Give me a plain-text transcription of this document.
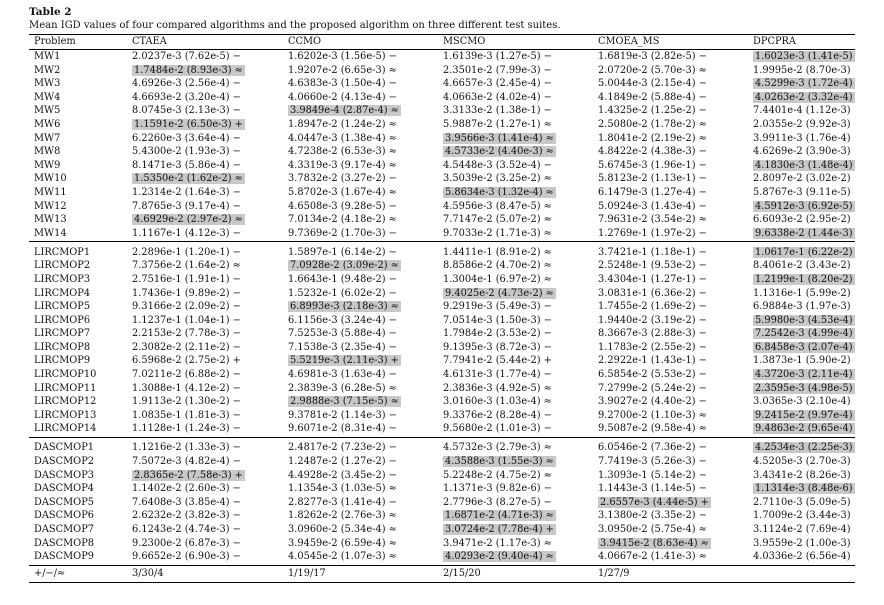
Table 2
Mean IGD values of four compared algorithms and the proposed algorithm on three different test suites.
Problem	CTAEA	CCMO	MSCMO	CMOEA_MS	DPCPRA
MW1	2.0237e-3 (7.62e-5) −	1.6202e-3 (1.56e-5) −	1.6139e-3 (1.27e-5) −	1.6819e-3 (2.82e-5) −	1.6023e-3 (1.41e-5)
MW2	1.7484e-2 (8.93e-3) ≈	1.9207e-2 (6.65e-3) ≈	2.3501e-2 (7.99e-3) −	2.0720e-2 (5.70e-3) ≈	1.9995e-2 (8.70e-3)
MW3	4.6926e-3 (2.56e-4) −	4.6383e-3 (1.50e-4) −	4.6657e-3 (2.45e-4) −	5.0044e-3 (2.15e-4) −	4.5299e-3 (1.72e-4)
MW4	4.6693e-2 (3.20e-4) −	4.0660e-2 (4.13e-4) −	4.0663e-2 (4.02e-4) −	4.1849e-2 (5.88e-4) −	4.0263e-2 (3.32e-4)
MW5	8.0745e-3 (2.13e-3) −	3.9849e-4 (2.87e-4) ≈	3.3133e-2 (1.38e-1) −	1.4325e-2 (1.25e-2) −	7.4401e-4 (1.12e-3)
MW6	1.1591e-2 (6.50e-3) +	1.8947e-2 (1.24e-2) ≈	5.9887e-2 (1.27e-1) ≈	2.5080e-2 (1.78e-2) ≈	2.0355e-2 (9.92e-3)
MW7	6.2260e-3 (3.64e-4) −	4.0447e-3 (1.38e-4) ≈	3.9566e-3 (1.41e-4) ≈	1.8041e-2 (2.19e-2) ≈	3.9911e-3 (1.76e-4)
MW8	5.4300e-2 (1.93e-3) −	4.7238e-2 (6.53e-3) ≈	4.5733e-2 (4.40e-3) ≈	4.8422e-2 (4.38e-3) −	4.6269e-2 (3.90e-3)
MW9	8.1471e-3 (5.86e-4) −	4.3319e-3 (9.17e-4) ≈	4.5448e-3 (3.52e-4) −	5.6745e-3 (1.96e-1) −	4.1830e-3 (1.48e-4)
MW10	1.5350e-2 (1.62e-2) ≈	3.7832e-2 (3.27e-2) −	3.5039e-2 (3.25e-2) ≈	5.8123e-2 (1.13e-1) −	2.8097e-2 (3.02e-2)
MW11	1.2314e-2 (1.64e-3) −	5.8702e-3 (1.67e-4) ≈	5.8634e-3 (1.32e-4) ≈	6.1479e-3 (1.27e-4) −	5.8767e-3 (9.11e-5)
MW12	7.8765e-3 (9.17e-4) −	4.6508e-3 (9.28e-5) −	4.5956e-3 (8.47e-5) ≈	5.0924e-3 (1.43e-4) −	4.5912e-3 (6.92e-5)
MW13	4.6929e-2 (2.97e-2) ≈	7.0134e-2 (4.18e-2) ≈	7.7147e-2 (5.07e-2) ≈	7.9631e-2 (3.54e-2) ≈	6.6093e-2 (2.95e-2)
MW14	1.1167e-1 (4.12e-3) −	9.7369e-2 (1.70e-3) −	9.7033e-2 (1.71e-3) ≈	1.2769e-1 (1.97e-2) −	9.6338e-2 (1.44e-3)
LIRCMOP1	2.2896e-1 (1.20e-1) −	1.5897e-1 (6.14e-2) −	1.4411e-1 (8.91e-2) ≈	3.7421e-1 (1.18e-1) −	1.0617e-1 (6.22e-2)
LIRCMOP2	7.3756e-2 (1.64e-2) ≈	7.0928e-2 (3.09e-2) ≈	8.8586e-2 (4.70e-2) ≈	2.5248e-1 (9.53e-2) −	8.4061e-2 (3.43e-2)
LIRCMOP3	2.7516e-1 (1.91e-1) −	1.6643e-1 (9.48e-2) −	1.3004e-1 (6.97e-2) ≈	3.4304e-1 (1.27e-1) −	1.2199e-1 (8.20e-2)
LIRCMOP4	1.7436e-1 (9.89e-2) −	1.5232e-1 (6.02e-2) −	9.4025e-2 (4.73e-2) ≈	3.0831e-1 (6.36e-2) −	1.1316e-1 (5.99e-2)
LIRCMOP5	9.3166e-2 (2.09e-2) −	6.8993e-3 (2.18e-3) ≈	9.2919e-3 (5.49e-3) −	1.7455e-2 (1.69e-2) −	6.9884e-3 (1.97e-3)
LIRCMOP6	1.1237e-1 (1.04e-1) −	6.1156e-3 (3.24e-4) −	7.0514e-3 (1.50e-3) −	1.9440e-2 (3.19e-2) −	5.9980e-3 (4.53e-4)
LIRCMOP7	2.2153e-2 (7.78e-3) −	7.5253e-3 (5.88e-4) −	1.7984e-2 (3.53e-2) −	8.3667e-3 (2.88e-3) −	7.2542e-3 (4.99e-4)
LIRCMOP8	2.3082e-2 (2.11e-2) −	7.1538e-3 (2.35e-4) −	9.1395e-3 (8.72e-3) −	1.1783e-2 (2.55e-2) −	6.8458e-3 (2.07e-4)
LIRCMOP9	6.5968e-2 (2.75e-2) +	5.5219e-3 (2.11e-3) +	7.7941e-2 (5.44e-2) +	2.2922e-1 (1.43e-1) −	1.3873e-1 (5.90e-2)
LIRCMOP10	7.0211e-2 (6.88e-2) −	4.6981e-3 (1.63e-4) −	4.6131e-3 (1.77e-4) −	6.5854e-2 (5.53e-2) −	4.3720e-3 (2.11e-4)
LIRCMOP11	1.3088e-1 (4.12e-2) −	2.3839e-3 (6.28e-5) ≈	2.3836e-3 (4.92e-5) ≈	7.2799e-2 (5.24e-2) −	2.3595e-3 (4.98e-5)
LIRCMOP12	1.9113e-2 (1.30e-2) −	2.9888e-3 (7.15e-5) ≈	3.0160e-3 (1.03e-4) ≈	3.9027e-2 (4.40e-2) −	3.0365e-3 (2.10e-4)
LIRCMOP13	1.0835e-1 (1.81e-3) −	9.3781e-2 (1.14e-3) −	9.3376e-2 (8.28e-4) −	9.2700e-2 (1.10e-3) ≈	9.2415e-2 (9.97e-4)
LIRCMOP14	1.1128e-1 (1.24e-3) −	9.6071e-2 (8.31e-4) −	9.5680e-2 (1.01e-3) −	9.5087e-2 (9.58e-4) ≈	9.4863e-2 (9.65e-4)
DASCMOP1	1.1216e-2 (1.33e-3) −	2.4817e-2 (7.23e-2) −	4.5732e-3 (2.79e-3) ≈	6.0546e-2 (7.36e-2) −	4.2534e-3 (2.25e-3)
DASCMOP2	7.5072e-3 (4.82e-4) −	1.2487e-2 (1.27e-2) −	4.3588e-3 (1.55e-3) ≈	7.7419e-3 (5.26e-3) −	4.5205e-3 (2.70e-3)
DASCMOP3	2.8365e-2 (7.58e-3) +	4.4928e-2 (3.45e-2) −	5.2248e-2 (4.75e-2) ≈	1.3093e-1 (5.14e-2) −	3.4341e-2 (8.26e-3)
DASCMOP4	1.1402e-2 (2.60e-3) −	1.1354e-3 (1.03e-5) ≈	1.1371e-3 (9.82e-6) −	1.1443e-3 (1.14e-5) −	1.1314e-3 (8.48e-6)
DASCMOP5	7.6408e-3 (3.85e-4) −	2.8277e-3 (1.41e-4) −	2.7796e-3 (8.27e-5) −	2.6557e-3 (4.44e-5) +	2.7110e-3 (5.09e-5)
DASCMOP6	2.6232e-2 (3.82e-3) −	1.8262e-2 (2.76e-3) ≈	1.6871e-2 (4.71e-3) ≈	3.1380e-2 (3.35e-2) −	1.7009e-2 (3.44e-3)
DASCMOP7	6.1243e-2 (4.74e-3) −	3.0960e-2 (5.34e-4) ≈	3.0724e-2 (7.78e-4) +	3.0950e-2 (5.75e-4) ≈	3.1124e-2 (7.69e-4)
DASCMOP8	9.2300e-2 (6.87e-3) −	3.9459e-2 (6.59e-4) ≈	3.9471e-2 (1.17e-3) ≈	3.9415e-2 (8.63e-4) ≈	3.9559e-2 (1.00e-3)
DASCMOP9	9.6652e-2 (6.90e-3) −	4.0545e-2 (1.07e-3) ≈	4.0293e-2 (9.40e-4) ≈	4.0667e-2 (1.41e-3) ≈	4.0336e-2 (6.56e-4)
+/−/≈	3/30/4	1/19/17	2/15/20	1/27/9	
